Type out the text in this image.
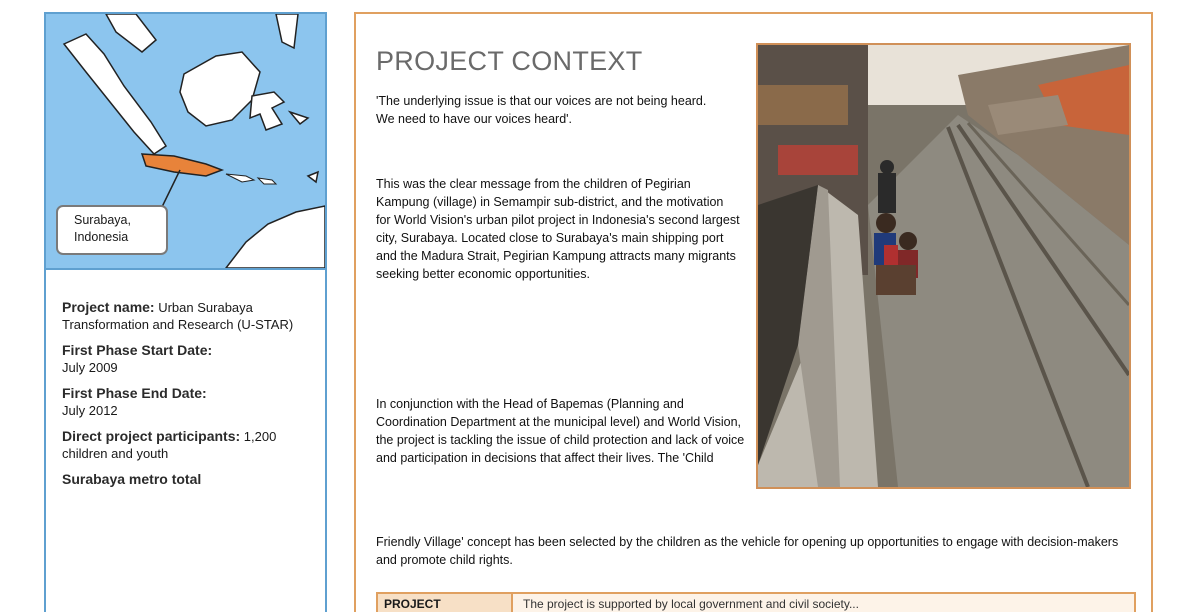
Surabaya,
Indonesia
Project name: Urban Surabaya Transformation and Research (U-STAR)
First Phase Start Date:
July 2009
First Phase End Date:
July 2012
Direct project participants: 1,200 children and youth
Surabaya metro total
PROJECT CONTEXT
'The underlying issue is that our voices are not being heard. We need to have our voices heard'.
This was the clear message from the children of Pegirian Kampung (village) in Semampir sub-district, and the motivation for World Vision's urban pilot project in Indonesia's second largest city, Surabaya. Located close to Surabaya's main shipping port and the Madura Strait, Pegirian Kampung attracts many migrants seeking better economic opportunities.
In conjunction with the Head of Bapemas (Planning and Coordination Department at the municipal level) and World Vision, the project is tackling the issue of child protection and lack of voice and participation in decisions that affect their lives. The 'Child
Friendly Village' concept has been selected by the children as the vehicle for opening up opportunities to engage with decision-makers and promote child rights.
PROJECT	The project is supported by local government and civil society...
